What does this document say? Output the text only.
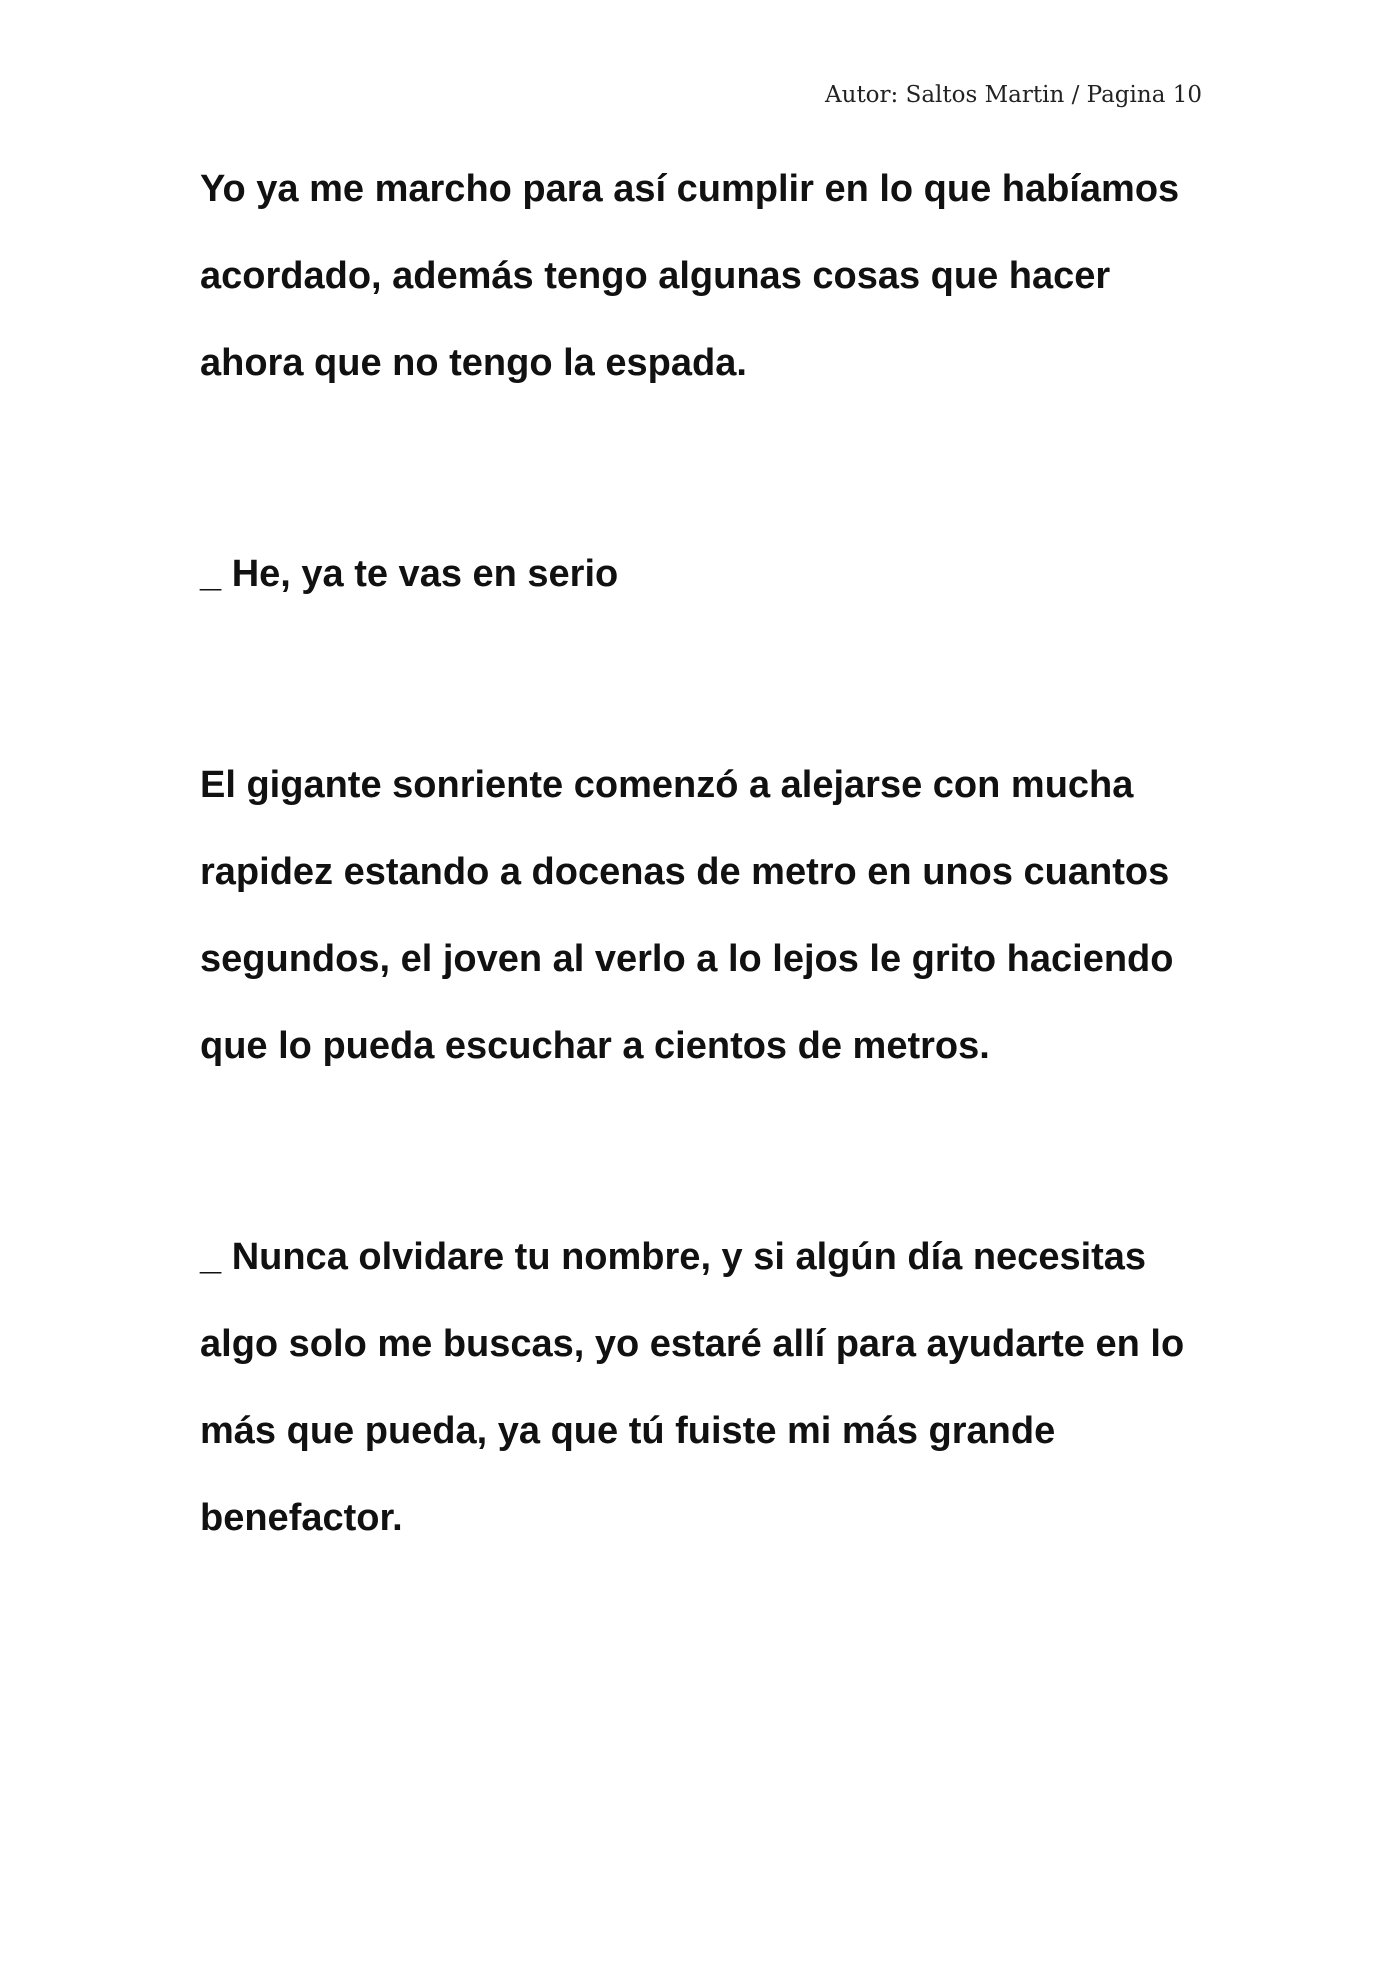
Autor: Saltos Martin / Pagina 10
Yo ya me marcho para así cumplir en lo que habíamos
acordado, además tengo algunas cosas que hacer
ahora que no tengo la espada.
_ He, ya te vas en serio
El gigante sonriente comenzó a alejarse con mucha
rapidez estando a docenas de metro en unos cuantos
segundos, el joven al verlo a lo lejos le grito haciendo
que lo pueda escuchar a cientos de metros.
_ Nunca olvidare tu nombre, y si algún día necesitas
algo solo me buscas, yo estaré allí para ayudarte en lo
más que pueda, ya que tú fuiste mi más grande
benefactor.
